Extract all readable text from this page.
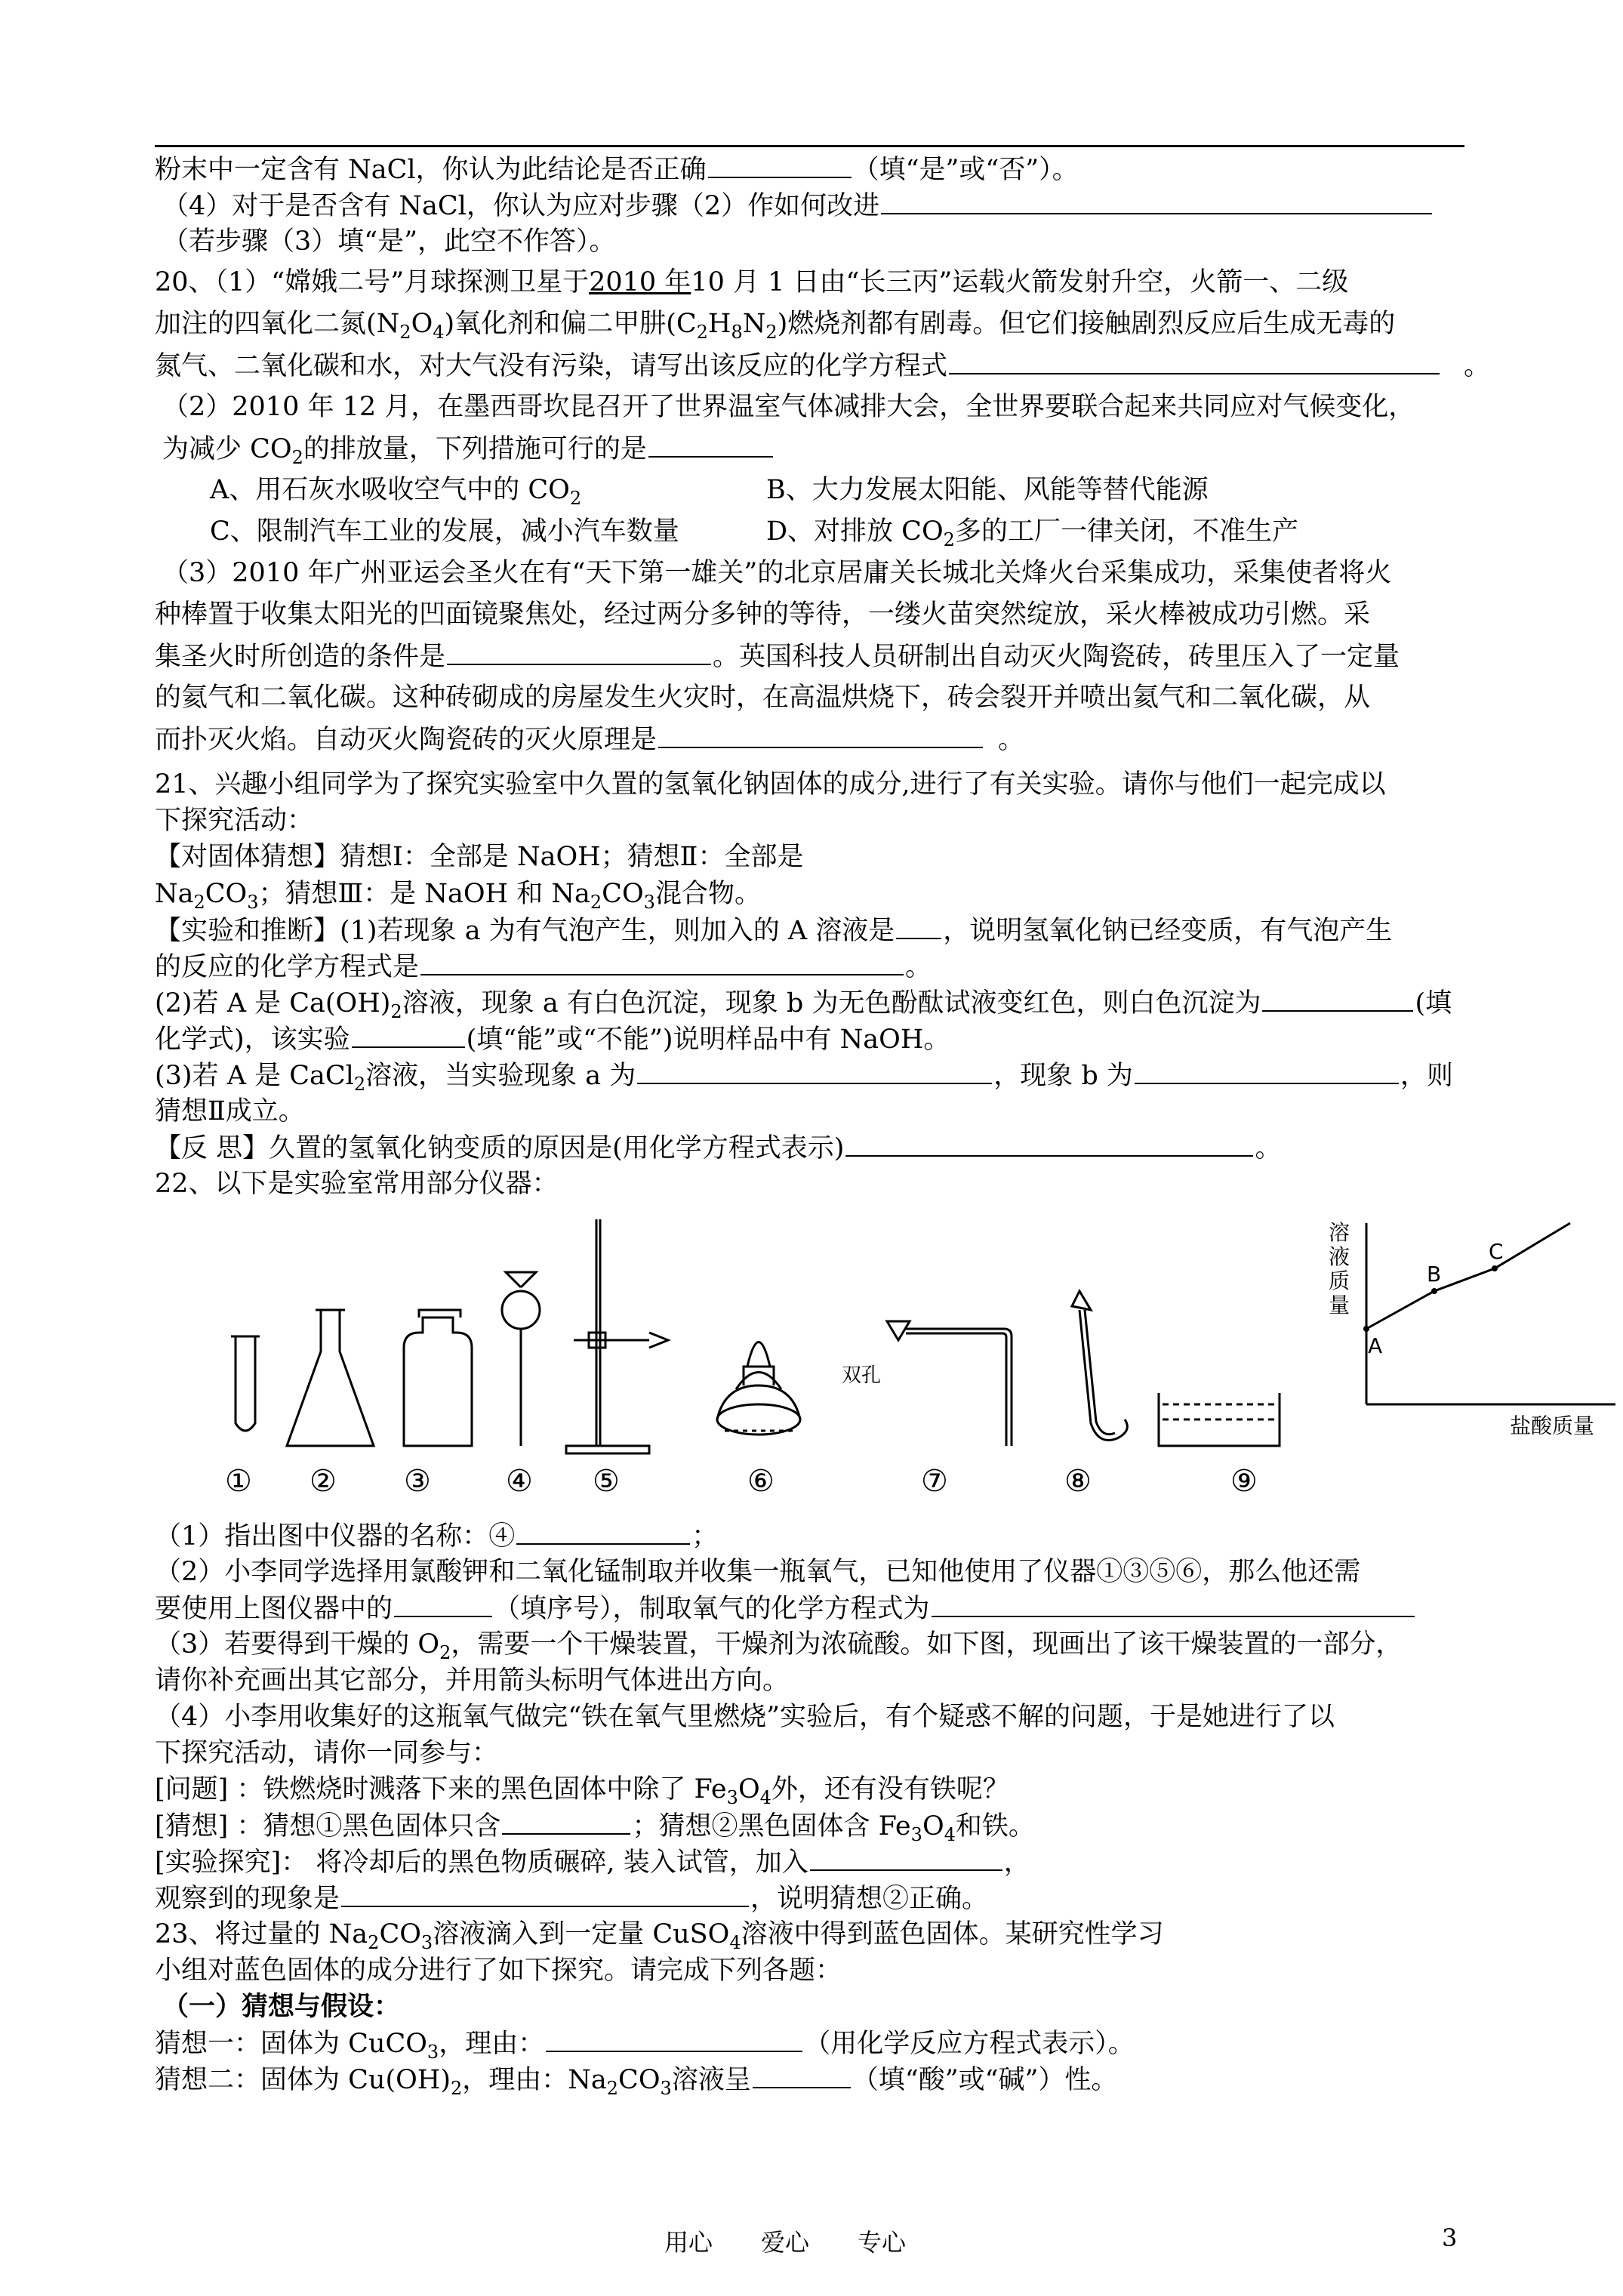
粉末中一定含有 NaCl，你认为此结论是否正确	（填“是”或“否”）。
（4）对于是否含有 NaCl，你认为应对步骤（2）作如何改进
（若步骤（3）填“是”，此空不作答）。
20、（1）“嫦娥二号”月球探测卫星于2010 年10 月 1 日由“长三丙”运载火箭发射升空，火箭一、二级
加注的四氧化二氮$(N_2O_4)$氧化剂和偏二甲肼$(C_2H_8N_2)$燃烧剂都有剧毒。但它们接触剧烈反应后生成无毒的
氮气、二氧化碳和水，对大气没有污染，请写出该反应的化学方程式	。
（2）2010 年 12 月，在墨西哥坎昆召开了世界温室气体减排大会，全世界要联合起来共同应对气候变化，
为减少 $CO_2$的排放量，下列措施可行的是
A、用石灰水吸收空气中的 $CO_2$	B、大力发展太阳能、风能等替代能源
C、限制汽车工业的发展，减小汽车数量	D、对排放 $CO_2$多的工厂一律关闭，不准生产
（3）2010 年广州亚运会圣火在有“天下第一雄关”的北京居庸关长城北关烽火台采集成功，采集使者将火
种棒置于收集太阳光的凹面镜聚焦处，经过两分多钟的等待，一缕火苗突然绽放，采火棒被成功引燃。采
集圣火时所创造的条件是	。英国科技人员研制出自动灭火陶瓷砖，砖里压入了一定量
的氦气和二氧化碳。这种砖砌成的房屋发生火灾时，在高温烘烧下，砖会裂开并喷出氦气和二氧化碳，从
而扑灭火焰。自动灭火陶瓷砖的灭火原理是	。
21、兴趣小组同学为了探究实验室中久置的氢氧化钠固体的成分,进行了有关实验。请你与他们一起完成以
下探究活动：
【对固体猜想】猜想Ⅰ：全部是 NaOH；猜想Ⅱ：全部是
$Na_2CO_3$；猜想Ⅲ：是 NaOH 和 $Na_2CO_3$混合物。
【实验和推断】(1)若现象 a 为有气泡产生，则加入的 A 溶液是 ，说明氢氧化钠已经变质，有气泡产生
的反应的化学方程式是	。
(2)若 A 是 $Ca(OH)_2$溶液，现象 a 有白色沉淀，现象 b 为无色酚酞试液变红色，则白色沉淀为	(填
化学式)，该实验	(填“能”或“不能”)说明样品中有 NaOH。
(3)若 A 是 CaCl$_2$溶液，当实验现象 a 为	，现象 b 为	，则
猜想Ⅱ成立。
【反 思】久置的氢氧化钠变质的原因是(用化学方程式表示)	。
22、以下是实验室常用部分仪器：
双孔
① ② ③ ④ ⑤	⑥	⑦	⑧	⑨
溶
液
质
量
A
B
C
盐酸质量
（1）指出图中仪器的名称：④	；
（2）小李同学选择用氯酸钾和二氧化锰制取并收集一瓶氧气，已知他使用了仪器①③⑤⑥，那么他还需
要使用上图仪器中的	（填序号），制取氧气的化学方程式为
（3）若要得到干燥的 $O_2$，需要一个干燥装置，干燥剂为浓硫酸。如下图，现画出了该干燥装置的一部分，
请你补充画出其它部分，并用箭头标明气体进出方向。
（4）小李用收集好的这瓶氧气做完“铁在氧气里燃烧”实验后，有个疑惑不解的问题，于是她进行了以
下探究活动，请你一同参与：
[问题] ：铁燃烧时溅落下来的黑色固体中除了 $Fe_3O_4$外，还有没有铁呢？
[猜想] ：猜想①黑色固体只含	；猜想②黑色固体含 $Fe_3O_4$和铁。
[实验探究]： 将冷却后的黑色物质碾碎, 装入试管，加入	，
观察到的现象是	，说明猜想②正确。
23、将过量的 $Na_2CO_3$溶液滴入到一定量 CuSO$_4$溶液中得到蓝色固体。某研究性学习
小组对蓝色固体的成分进行了如下探究。请完成下列各题：
（一）猜想与假设：
猜想一：固体为 CuCO$_3$，理由：	（用化学反应方程式表示）。
猜想二：固体为 $Cu(OH)_2$，理由：$Na_2CO_3$溶液呈	（填“酸”或“碱”）性。
用心　　爱心　　专心	3
